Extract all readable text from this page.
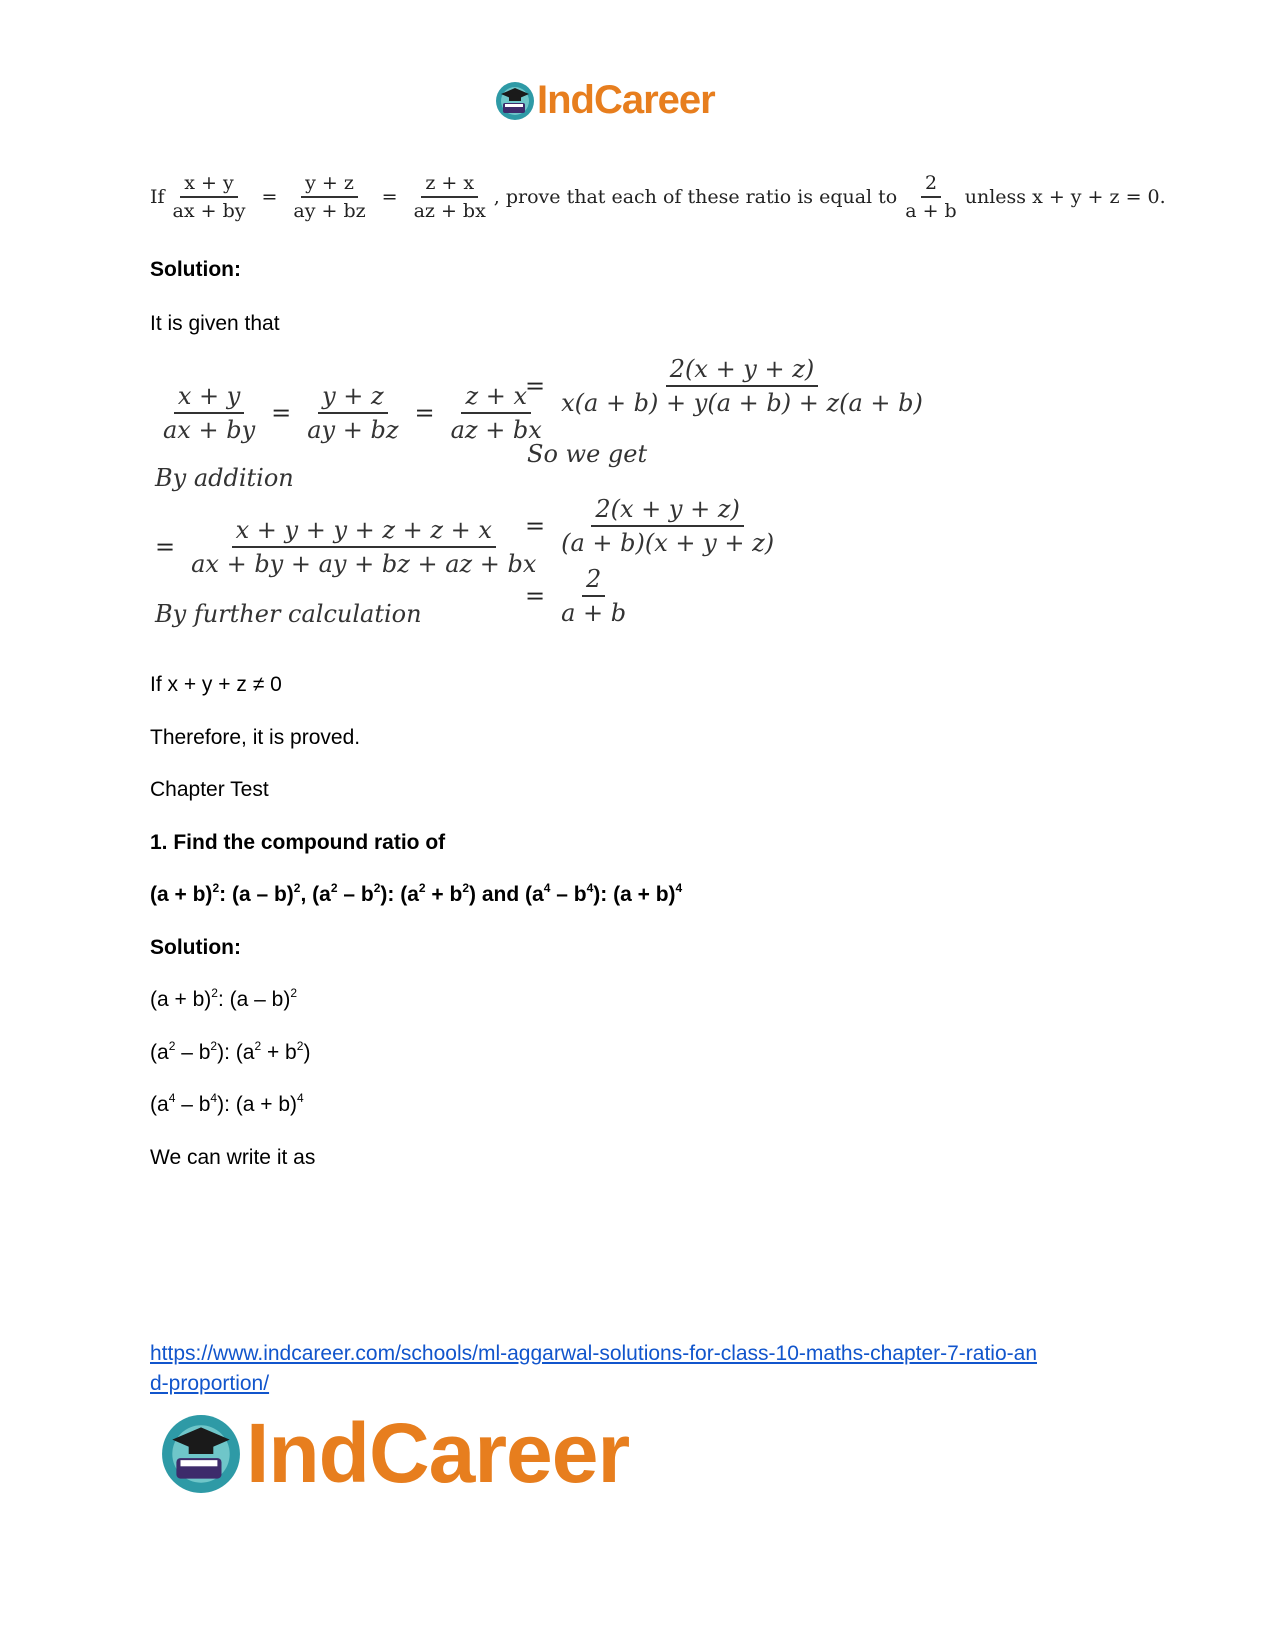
IndCareer
If $\frac{x + y}{ax + by} = \frac{y + z}{ay + bz} = \frac{z + x}{az + bx}$ , prove that each of these ratio is equal to $\frac{2}{a + b}$ unless x + y + z = 0.
Solution:
It is given that
$\frac{x + y}{ax + by} = \frac{y + z}{ay + bz} = \frac{z + x}{az + bx}$
By addition
= $\frac{x + y + y + z + z + x}{ax + by + ay + bz + az + bx}$
By further calculation
= $\frac{2(x + y + z)}{x(a + b) + y(a + b) + z(a + b)}$
So we get
= $\frac{2(x + y + z)}{(a + b)(x + y + z)}$
= $\frac{2}{a + b}$
If x + y + z ≠ 0
Therefore, it is proved.
Chapter Test
1. Find the compound ratio of
$(a + b)^2$: (a – b)$^2$, $(a^2 - b^2)$: $(a^2 + b^2)$ and $(a^4 - b^4)$: $(a + b)^4$
Solution:
$(a + b)^2$: (a – b)$^2$
$(a^2 - b^2)$: $(a^2 + b^2)$
$(a^4 - b^4)$: $(a + b)^4$
We can write it as
https://www.indcareer.com/schools/ml-aggarwal-solutions-for-class-10-maths-chapter-7-ratio-an
d-proportion/
IndCareer
